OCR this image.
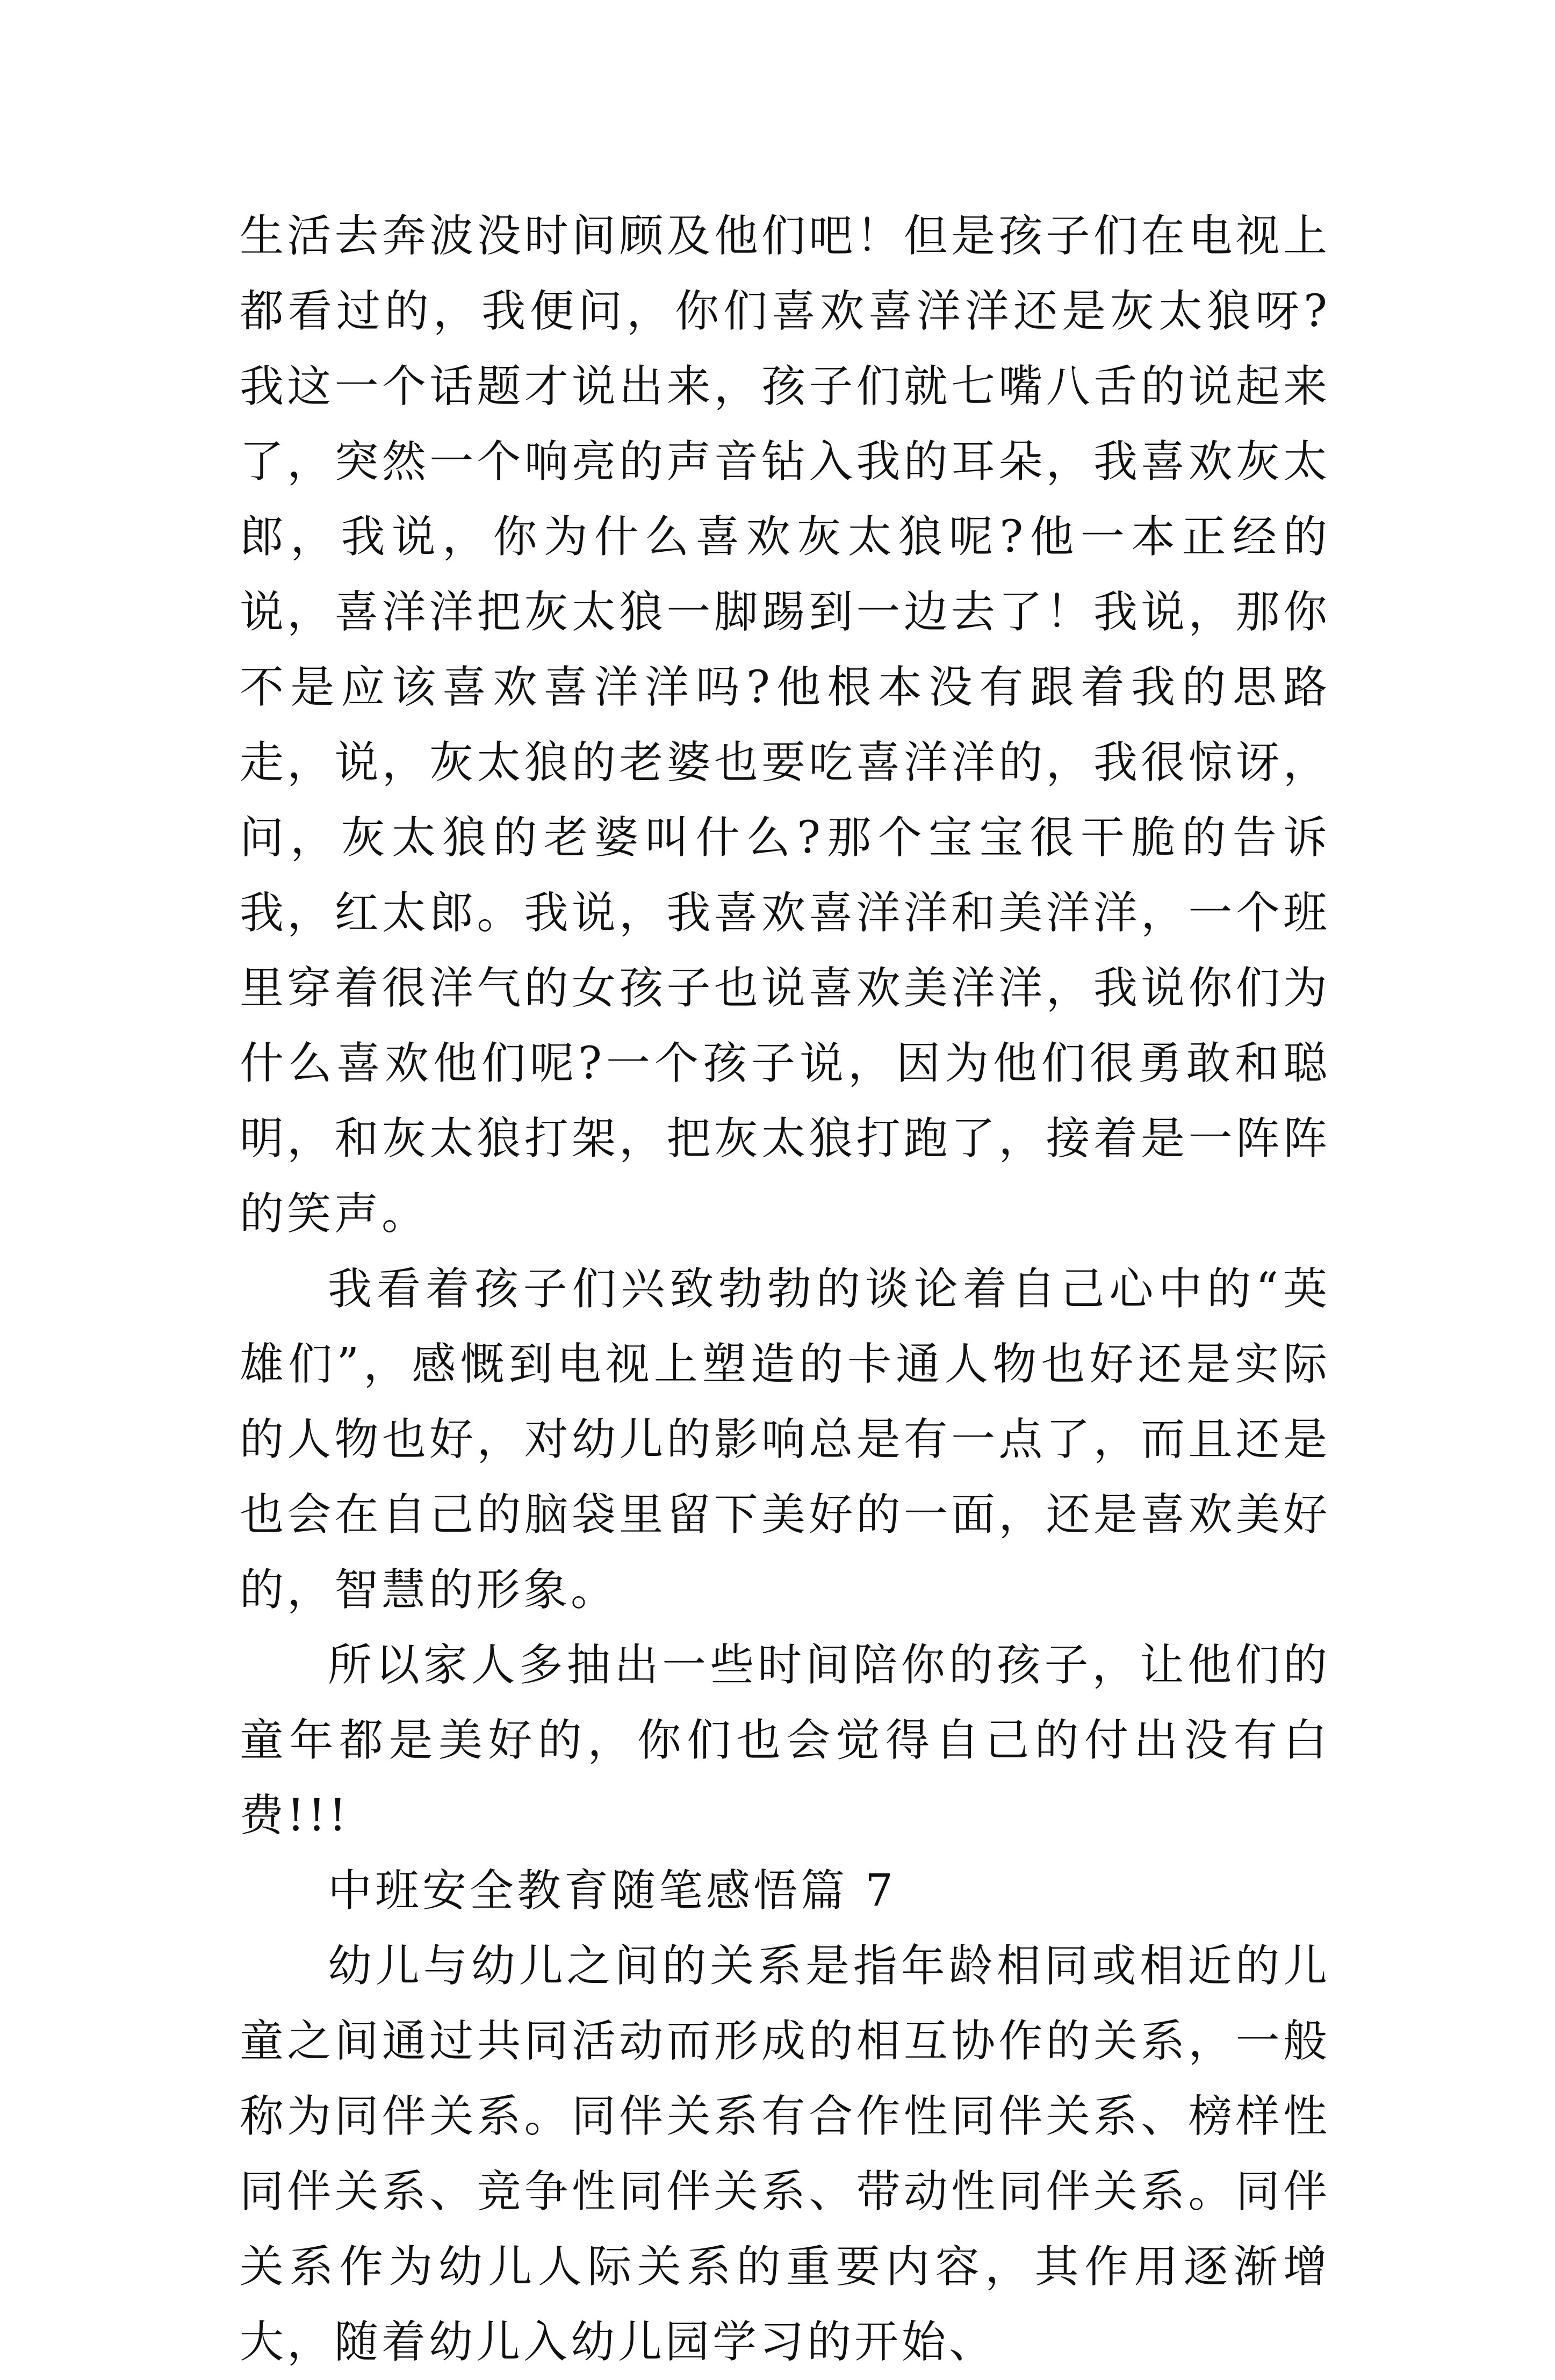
生活去奔波没时间顾及他们吧！但是孩子们在电视上都看过的，我便问，你们喜欢喜洋洋还是灰太狼呀?我这一个话题才说出来，孩子们就七嘴八舌的说起来了，突然一个响亮的声音钻入我的耳朵，我喜欢灰太郎，我说，你为什么喜欢灰太狼呢?他一本正经的说，喜洋洋把灰太狼一脚踢到一边去了！我说，那你不是应该喜欢喜洋洋吗?他根本没有跟着我的思路走，说，灰太狼的老婆也要吃喜洋洋的，我很惊讶，问，灰太狼的老婆叫什么?那个宝宝很干脆的告诉我，红太郎。我说，我喜欢喜洋洋和美洋洋，一个班里穿着很洋气的女孩子也说喜欢美洋洋，我说你们为什么喜欢他们呢?一个孩子说，因为他们很勇敢和聪明，和灰太狼打架，把灰太狼打跑了，接着是一阵阵的笑声。

我看着孩子们兴致勃勃的谈论着自己心中的“英雄们”，感慨到电视上塑造的卡通人物也好还是实际的人物也好，对幼儿的影响总是有一点了，而且还是也会在自己的脑袋里留下美好的一面，还是喜欢美好的，智慧的形象。

所以家人多抽出一些时间陪你的孩子，让他们的童年都是美好的，你们也会觉得自己的付出没有白费!!!

中班安全教育随笔感悟篇 7

幼儿与幼儿之间的关系是指年龄相同或相近的儿童之间通过共同活动而形成的相互协作的关系，一般称为同伴关系。同伴关系有合作性同伴关系、榜样性同伴关系、竞争性同伴关系、带动性同伴关系。同伴关系作为幼儿人际关系的重要内容，其作用逐渐增大，随着幼儿入幼儿园学习的开始、
